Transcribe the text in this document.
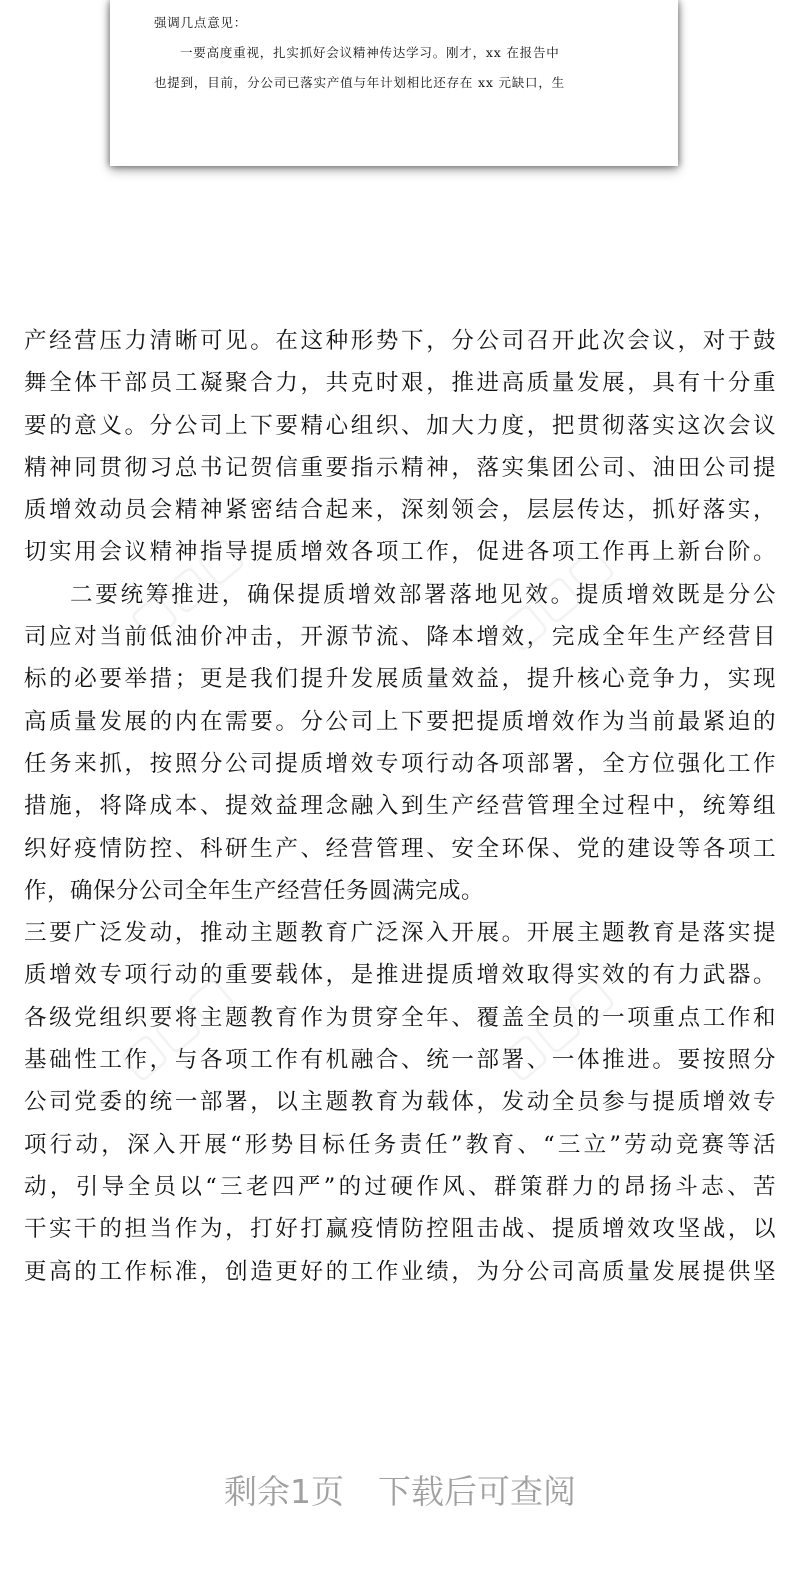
强调几点意见：

一要高度重视，扎实抓好会议精神传达学习。刚才，xx 在报告中

也提到，目前，分公司已落实产值与年计划相比还存在 xx 元缺口，生

产经营压力清晰可见。在这种形势下，分公司召开此次会议，对于鼓
舞全体干部员工凝聚合力，共克时艰，推进高质量发展，具有十分重
要的意义。分公司上下要精心组织、加大力度，把贯彻落实这次会议
精神同贯彻习总书记贺信重要指示精神，落实集团公司、油田公司提
质增效动员会精神紧密结合起来，深刻领会，层层传达，抓好落实，
切实用会议精神指导提质增效各项工作，促进各项工作再上新台阶。
二要统筹推进，确保提质增效部署落地见效。提质增效既是分公
司应对当前低油价冲击，开源节流、降本增效，完成全年生产经营目
标的必要举措；更是我们提升发展质量效益，提升核心竞争力，实现
高质量发展的内在需要。分公司上下要把提质增效作为当前最紧迫的
任务来抓，按照分公司提质增效专项行动各项部署，全方位强化工作
措施，将降成本、提效益理念融入到生产经营管理全过程中，统筹组
织好疫情防控、科研生产、经营管理、安全环保、党的建设等各项工
作，确保分公司全年生产经营任务圆满完成。
三要广泛发动，推动主题教育广泛深入开展。开展主题教育是落实提
质增效专项行动的重要载体，是推进提质增效取得实效的有力武器。
各级党组织要将主题教育作为贯穿全年、覆盖全员的一项重点工作和
基础性工作，与各项工作有机融合、统一部署、一体推进。要按照分
公司党委的统一部署，以主题教育为载体，发动全员参与提质增效专
项行动，深入开展“形势目标任务责任”教育、“三立”劳动竞赛等活
动，引导全员以“三老四严”的过硬作风、群策群力的昂扬斗志、苦
干实干的担当作为，打好打赢疫情防控阻击战、提质增效攻坚战，以
更高的工作标准，创造更好的工作业绩，为分公司高质量发展提供坚
▢▢▢	▢▢▢
▢▢▢	▢▢▢
剩余1页 下载后可查阅
